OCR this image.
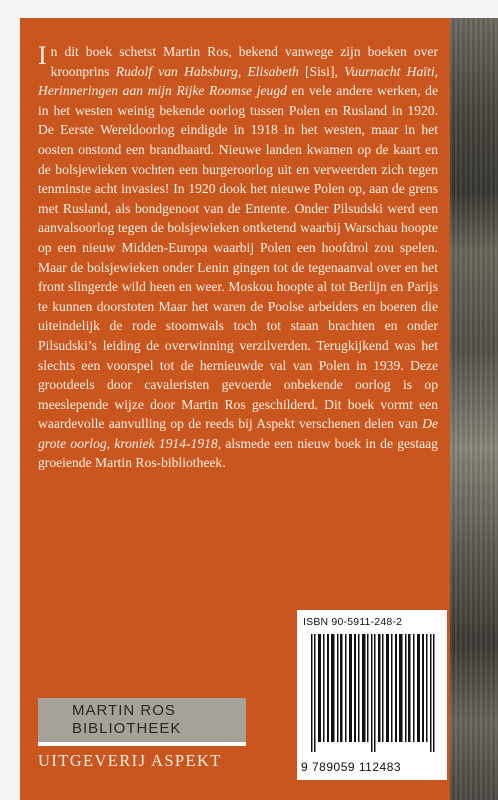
In dit boek schetst Martin Ros, bekend vanwege zijn boeken over kroonprins Rudolf van Habsburg, Elisabeth [Sisi], Vuurnacht Haïti, Herinneringen aan mijn Rijke Roomse jeugd en vele andere werken, de in het westen weinig bekende oorlog tussen Polen en Rusland in 1920. De Eerste Wereldoorlog eindigde in 1918 in het westen, maar in het oosten onstond een brandhaard. Nieuwe landen kwamen op de kaart en de bolsjewieken vochten een burgeroorlog uit en verweerden zich tegen tenminste acht invasies! In 1920 dook het nieuwe Polen op, aan de grens met Rusland, als bondgenoot van de Entente. Onder Pilsudski werd een aanvalsoorlog tegen de bolsjewieken ontketend waarbij Warschau hoopte op een nieuw Midden-Europa waarbij Polen een hoofdrol zou spelen. Maar de bolsjewieken onder Lenin gingen tot de tegenaanval over en het front slingerde wild heen en weer. Moskou hoopte al tot Berlijn en Parijs te kunnen doorstoten Maar het waren de Poolse arbeiders en boeren die uiteindelijk de rode stoomwals toch tot staan brachten en onder Pilsudski’s leiding de overwinning verzilverden. Terugkijkend was het slechts een voorspel tot de hernieuwde val van Polen in 1939. Deze grootdeels door cavaleristen gevoerde onbekende oorlog is op meeslepende wijze door Martin Ros geschilderd. Dit boek vormt een waardevolle aanvulling op de reeds bij Aspekt verschenen delen van De grote oorlog, kroniek 1914-1918, alsmede een nieuw boek in de gestaag groeiende Martin Ros-bibliotheek.

ISBN 90-5911-248-2
9 789059 112483
MARTIN ROS
BIBLIOTHEEK
UITGEVERIJ ASPEKT
